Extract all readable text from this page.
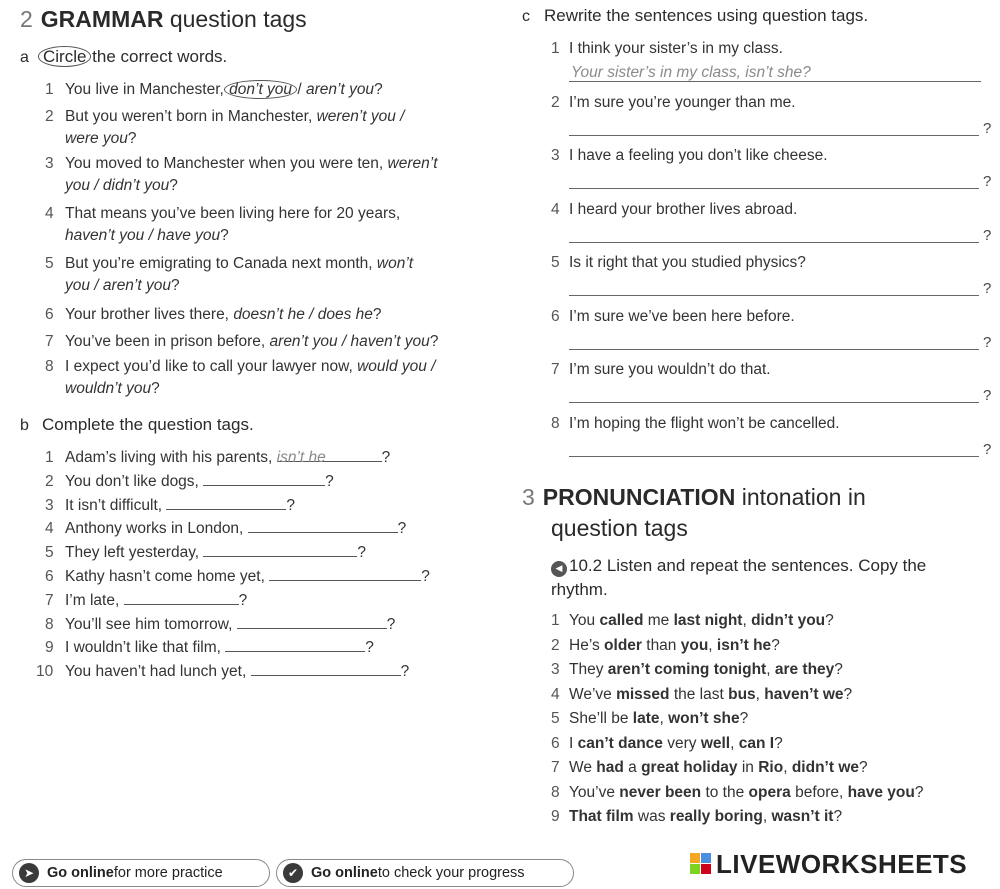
2 GRAMMAR question tags
a Circle the correct words.
1 You live in Manchester, don’t you / aren’t you?
2 But you weren’t born in Manchester, weren’t you /
were you?
3 You moved to Manchester when you were ten, weren’t
you / didn’t you?
4 That means you’ve been living here for 20 years,
haven’t you / have you?
5 But you’re emigrating to Canada next month, won’t
you / aren’t you?
6 Your brother lives there, doesn’t he / does he?
7 You’ve been in prison before, aren’t you / haven’t you?
8 I expect you’d like to call your lawyer now, would you /
wouldn’t you?
b Complete the question tags.
1 Adam’s living with his parents, isn’t he	?
2 You don’t like dogs,	?
3 It isn’t difficult,	?
4 Anthony works in London,	?
5 They left yesterday,	?
6 Kathy hasn’t come home yet,	?
7 I’m late,	?
8 You’ll see him tomorrow,	?
9 I wouldn’t like that film,	?
10 You haven’t had lunch yet,	?
c Rewrite the sentences using question tags.
1 I think your sister’s in my class.
Your sister’s in my class, isn’t she?
2 I’m sure you’re younger than me.
?
3 I have a feeling you don’t like cheese.
?
4 I heard your brother lives abroad.
?
5 Is it right that you studied physics?
?
6 I’m sure we’ve been here before.
?
7 I’m sure you wouldn’t do that.
?
8 I’m hoping the flight won’t be cancelled.
?
3 PRONUNCIATION intonation in
question tags
◀ 10.2 Listen and repeat the sentences. Copy the
rhythm.
1 You called me last night, didn’t you?
2 He’s older than you, isn’t he?
3 They aren’t coming tonight, are they?
4 We’ve missed the last bus, haven’t we?
5 She’ll be late, won’t she?
6 I can’t dance very well, can I?
7 We had a great holiday in Rio, didn’t we?
8 You’ve never been to the opera before, have you?
9 That film was really boring, wasn’t it?
➤ Go online for more practice	✔ Go online to check your progress	LIVEWORKSHEETS
